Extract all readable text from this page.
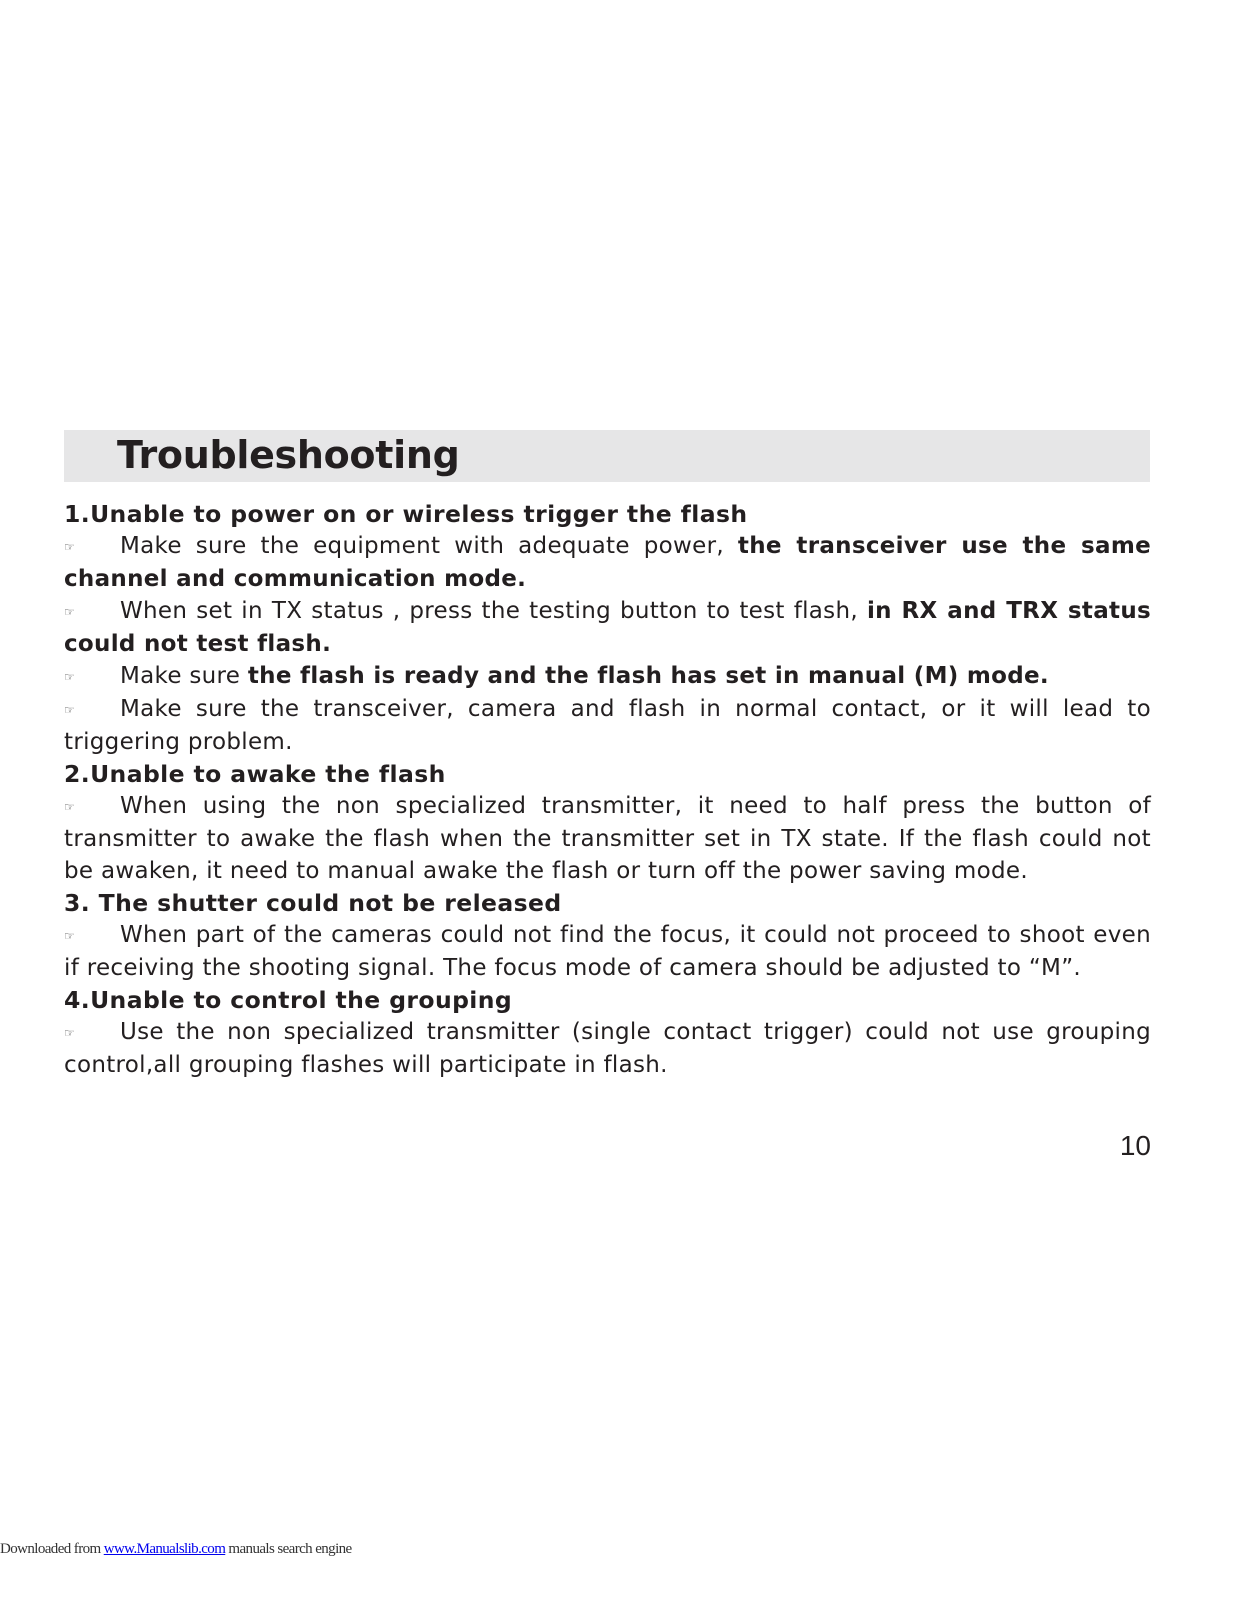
Troubleshooting
1.Unable to power on or wireless trigger the flash
☞ Make sure the equipment with adequate power, the transceiver use the same channel and communication mode.
☞ When set in TX status , press the testing button to test flash, in RX and TRX status could not test flash.
☞ Make sure the flash is ready and the flash has set in manual (M) mode.
☞ Make sure the transceiver, camera and flash in normal contact, or it will lead to triggering problem.
2.Unable to awake the flash
☞ When using the non specialized transmitter, it need to half press the button of transmitter to awake the flash when the transmitter set in TX state. If the flash could not be awaken, it need to manual awake the flash or turn off the power saving mode.
3. The shutter could not be released
☞ When part of the cameras could not find the focus, it could not proceed to shoot even if receiving the shooting signal. The focus mode of camera should be adjusted to “M”.
4.Unable to control the grouping
☞ Use the non specialized transmitter (single contact trigger) could not use grouping control,all grouping flashes will participate in flash.
10
Downloaded from www.Manualslib.com manuals search engine
